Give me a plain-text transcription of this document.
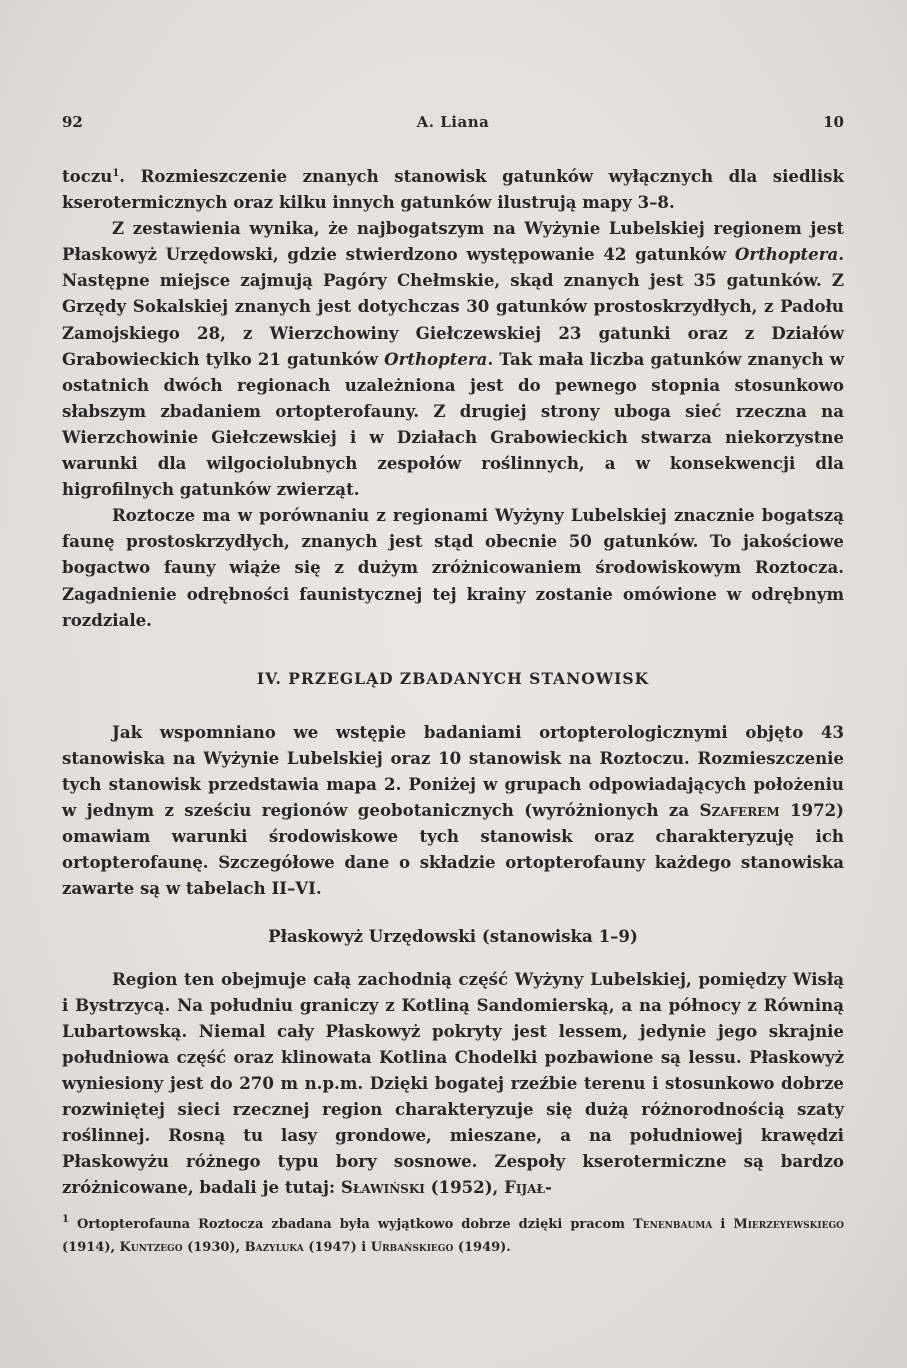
92	A. Liana	10

toczu$^1$. Rozmieszczenie znanych stanowisk gatunków wyłącznych dla siedlisk kserotermicznych oraz kilku innych gatunków ilustrują mapy 3–8.

Z zestawienia wynika, że najbogatszym na Wyżynie Lubelskiej regionem jest Płaskowyż Urzędowski, gdzie stwierdzono występowanie 42 gatunków Orthoptera. Następne miejsce zajmują Pagóry Chełmskie, skąd znanych jest 35 gatunków. Z Grzędy Sokalskiej znanych jest dotychczas 30 gatunków prostoskrzydłych, z Padołu Zamojskiego 28, z Wierzchowiny Giełczewskiej 23 gatunki oraz z Działów Grabowieckich tylko 21 gatunków Orthoptera. Tak mała liczba gatunków znanych w ostatnich dwóch regionach uzależniona jest do pewnego stopnia stosunkowo słabszym zbadaniem ortopterofauny. Z drugiej strony uboga sieć rzeczna na Wierzchowinie Giełczewskiej i w Działach Grabowieckich stwarza niekorzystne warunki dla wilgociolubnych zespołów roślinnych, a w konsekwencji dla higrofilnych gatunków zwierząt.

Roztocze ma w porównaniu z regionami Wyżyny Lubelskiej znacznie bogatszą faunę prostoskrzydłych, znanych jest stąd obecnie 50 gatunków. To jakościowe bogactwo fauny wiąże się z dużym zróżnicowaniem środowiskowym Roztocza. Zagadnienie odrębności faunistycznej tej krainy zostanie omówione w odrębnym rozdziale.

IV. PRZEGLĄD ZBADANYCH STANOWISK

Jak wspomniano we wstępie badaniami ortopterologicznymi objęto 43 stanowiska na Wyżynie Lubelskiej oraz 10 stanowisk na Roztoczu. Rozmieszczenie tych stanowisk przedstawia mapa 2. Poniżej w grupach odpowiadających położeniu w jednym z sześciu regionów geobotanicznych (wyróżnionych za Szaferem 1972) omawiam warunki środowiskowe tych stanowisk oraz charakteryzuję ich ortopterofaunę. Szczegółowe dane o składzie ortopterofauny każdego stanowiska zawarte są w tabelach II–VI.

Płaskowyż Urzędowski (stanowiska 1–9)

Region ten obejmuje całą zachodnią część Wyżyny Lubelskiej, pomiędzy Wisłą i Bystrzycą. Na południu graniczy z Kotliną Sandomierską, a na północy z Równiną Lubartowską. Niemal cały Płaskowyż pokryty jest lessem, jedynie jego skrajnie południowa część oraz klinowata Kotlina Chodelki pozbawione są lessu. Płaskowyż wyniesiony jest do 270 m n.p.m. Dzięki bogatej rzeźbie terenu i stosunkowo dobrze rozwiniętej sieci rzecznej region charakteryzuje się dużą różnorodnością szaty roślinnej. Rosną tu lasy grondowe, mieszane, a na południowej krawędzi Płaskowyżu różnego typu bory sosnowe. Zespoły kserotermiczne są bardzo zróżnicowane, badali je tutaj: Sławiński (1952), Fijał-

$^1$ Ortopterofauna Roztocza zbadana była wyjątkowo dobrze dzięki pracom Tenenbauma i Mierzeyewskiego (1914), Kuntzego (1930), Bazyluka (1947) i Urbańskiego (1949).
